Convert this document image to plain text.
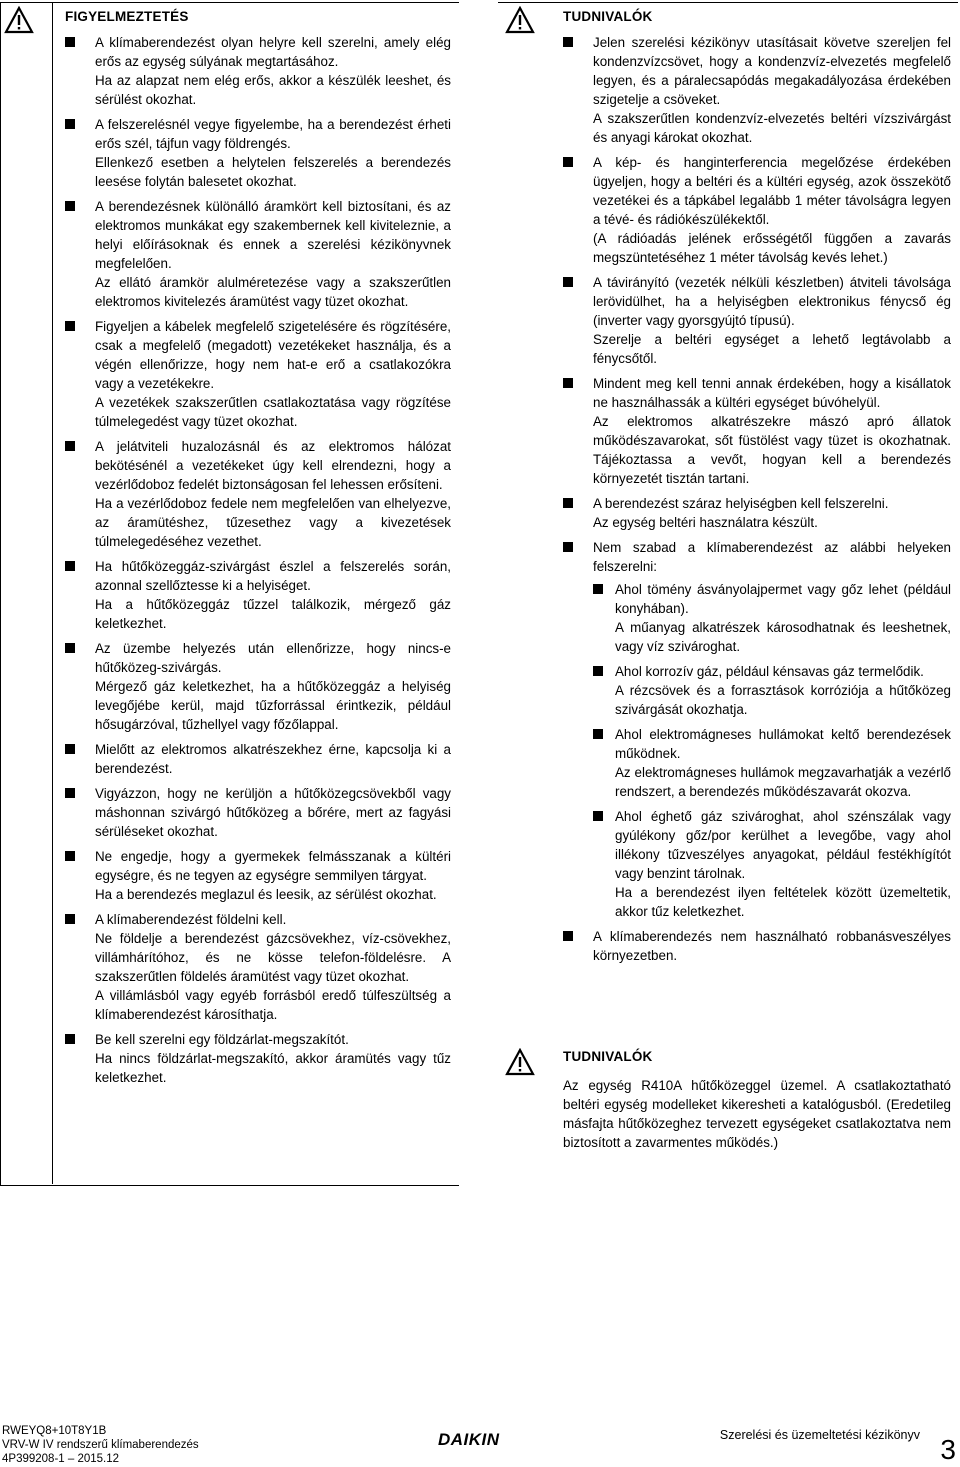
FIGYELMEZTETÉS

A klímaberendezést olyan helyre kell szerelni, amely elég erős az egység súlyának megtartásához.

Ha az alapzat nem elég erős, akkor a készülék leeshet, és sérülést okozhat.

A felszerelésnél vegye figyelembe, ha a berendezést érheti erős szél, tájfun vagy földrengés.

Ellenkező esetben a helytelen felszerelés a berendezés leesése folytán balesetet okozhat.

A berendezésnek különálló áramkört kell biztosítani, és az elektromos munkákat egy szakembernek kell kiviteleznie, a helyi előírásoknak és ennek a szerelési kézikönyvnek megfelelően.

Az ellátó áramkör alulméretezése vagy a szakszerűtlen elektromos kivitelezés áramütést vagy tüzet okozhat.

Figyeljen a kábelek megfelelő szigetelésére és rögzítésére, csak a megfelelő (megadott) vezetékeket használja, és a végén ellenőrizze, hogy nem hat-e erő a csatlakozókra vagy a vezetékekre.

A vezetékek szakszerűtlen csatlakoztatása vagy rögzítése túlmelegedést vagy tüzet okozhat.

A jelátviteli huzalozásnál és az elektromos hálózat bekötésénél a vezetékeket úgy kell elrendezni, hogy a vezérlődoboz fedelét biztonságosan fel lehessen erősíteni.

Ha a vezérlődoboz fedele nem megfelelően van elhelyezve, az áramütéshez, tűzesethez vagy a kivezetések túlmelegedéséhez vezethet.

Ha hűtőközeggáz-szivárgást észlel a felszerelés során, azonnal szellőztesse ki a helyiséget.

Ha a hűtőközeggáz tűzzel találkozik, mérgező gáz keletkezhet.

Az üzembe helyezés után ellenőrizze, hogy nincs-e hűtőközeg-szivárgás.

Mérgező gáz keletkezhet, ha a hűtőközeggáz a helyiség levegőjébe kerül, majd tűzforrással érintkezik, például hősugárzóval, tűzhellyel vagy főzőlappal.

Mielőtt az elektromos alkatrészekhez érne, kapcsolja ki a berendezést.

Vigyázzon, hogy ne kerüljön a hűtőközegcsövekből vagy máshonnan szivárgó hűtőközeg a bőrére, mert az fagyási sérüléseket okozhat.

Ne engedje, hogy a gyermekek felmásszanak a kültéri egységre, és ne tegyen az egységre semmilyen tárgyat.

Ha a berendezés meglazul és leesik, az sérülést okozhat.

A klímaberendezést földelni kell.

Ne földelje a berendezést gázcsövekhez, víz-csövekhez, villámhárítóhoz, és ne kösse telefon-földelésre. A szakszerűtlen földelés áramütést vagy tüzet okozhat.

A villámlásból vagy egyéb forrásból eredő túlfeszültség a klímaberendezést károsíthatja.

Be kell szerelni egy földzárlat-megszakítót.

Ha nincs földzárlat-megszakító, akkor áramütés vagy tűz keletkezhet.

TUDNIVALÓK

Jelen szerelési kézikönyv utasításait követve szereljen fel kondenzvízcsövet, hogy a kondenzvíz-elvezetés megfelelő legyen, és a páralecsapódás megakadályozása érdekében szigetelje a csöveket.

A szakszerűtlen kondenzvíz-elvezetés beltéri vízszivárgást és anyagi károkat okozhat.

A kép- és hanginterferencia megelőzése érdekében ügyeljen, hogy a beltéri és a kültéri egység, azok összekötő vezetékei és a tápkábel legalább 1 méter távolságra legyen a tévé- és rádiókészülékektől.

(A rádióadás jelének erősségétől függően a zavarás megszüntetéséhez 1 méter távolság kevés lehet.)

A távirányító (vezeték nélküli készletben) átviteli távolsága lerövidülhet, ha a helyiségben elektronikus fénycső ég (inverter vagy gyorsgyújtó típusú).

Szerelje a beltéri egységet a lehető legtávolabb a fénycsőtől.

Mindent meg kell tenni annak érdekében, hogy a kisállatok ne használhassák a kültéri egységet búvóhelyül.

Az elektromos alkatrészekre mászó apró állatok működészavarokat, sőt füstölést vagy tüzet is okozhatnak. Tájékoztassa a vevőt, hogyan kell a berendezés környezetét tisztán tartani.

A berendezést száraz helyiségben kell felszerelni.

Az egység beltéri használatra készült.

Nem szabad a klímaberendezést az alábbi helyeken felszerelni:

Ahol tömény ásványolajpermet vagy gőz lehet (például konyhában).

A műanyag alkatrészek károsodhatnak és leeshetnek, vagy víz szivároghat.

Ahol korrozív gáz, például kénsavas gáz termelődik.

A rézcsövek és a forrasztások korróziója a hűtőközeg szivárgását okozhatja.

Ahol elektromágneses hullámokat keltő berendezések működnek.

Az elektromágneses hullámok megzavarhatják a vezérlő rendszert, a berendezés működészavarát okozva.

Ahol éghető gáz szivároghat, ahol szénszálak vagy gyúlékony gőz/por kerülhet a levegőbe, vagy ahol illékony tűzveszélyes anyagokat, például festékhígítót vagy benzint tárolnak.

Ha a berendezést ilyen feltételek között üzemeltetik, akkor tűz keletkezhet.

A klímaberendezés nem használható robbanásveszélyes környezetben.

TUDNIVALÓK
Az egység R410A hűtőközeggel üzemel. A csatlakoztatható beltéri egység modelleket kikeresheti a katalógusból. (Eredetileg másfajta hűtőközeghez tervezett egységeket csatlakoztatva nem biztosított a zavarmentes működés.)
RWEYQ8+10T8Y1B
VRV-W IV rendszerű klímaberendezés
4P399208-1 – 2015.12
DAIKIN	Szerelési és üzemeltetési kézikönyv 3
